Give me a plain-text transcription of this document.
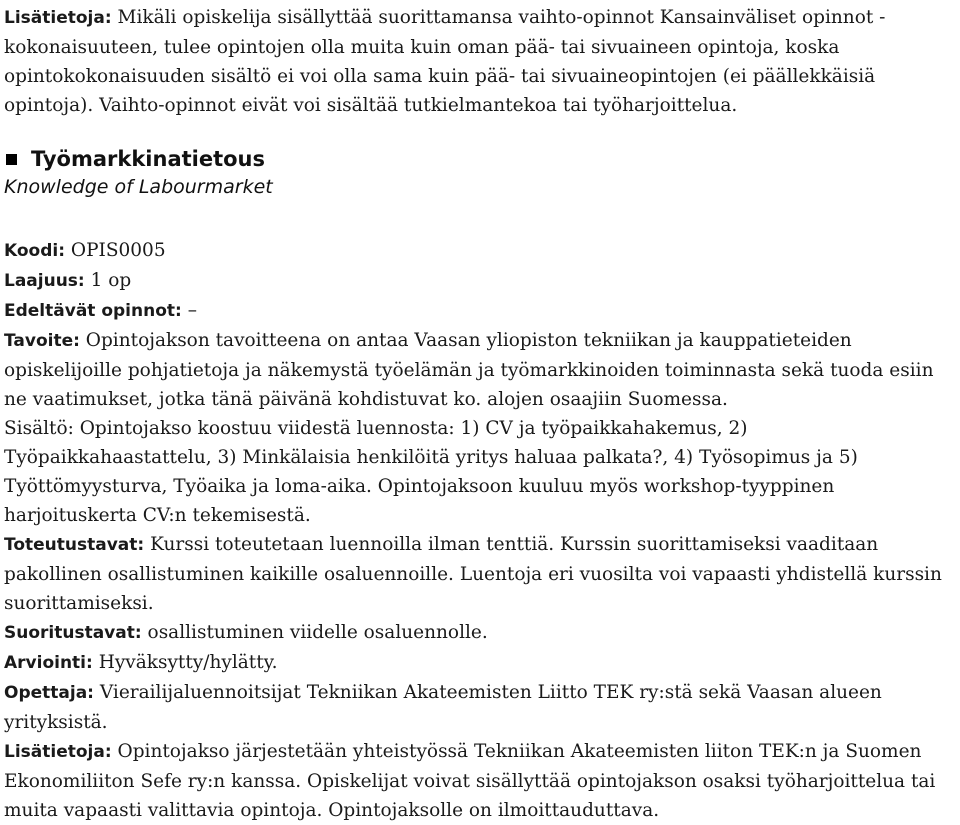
Lisätietoja: Mikäli opiskelija sisällyttää suorittamansa vaihto-opinnot Kansainväliset opinnot -kokonaisuuteen, tulee opintojen olla muita kuin oman pää- tai sivuaineen opintoja, koska opintokokonaisuuden sisältö ei voi olla sama kuin pää- tai sivuaineopintojen (ei päällekkäisiä opintoja). Vaihto-opinnot eivät voi sisältää tutkielmantekoa tai työharjoittelua.

Työmarkkinatietous
Knowledge of Labourmarket

Koodi: OPIS0005

Laajuus: 1 op

Edeltävät opinnot: –

Tavoite: Opintojakson tavoitteena on antaa Vaasan yliopiston tekniikan ja kauppatieteiden opiskelijoille pohjatietoja ja näkemystä työelämän ja työmarkkinoiden toiminnasta sekä tuoda esiin ne vaatimukset, jotka tänä päivänä kohdistuvat ko. alojen osaajiin Suomessa.

Sisältö: Opintojakso koostuu viidestä luennosta: 1) CV ja työpaikkahakemus, 2) Työpaikkahaastattelu, 3) Minkälaisia henkilöitä yritys haluaa palkata?, 4) Työsopimus ja 5) Työttömyysturva, Työaika ja loma-aika. Opintojaksoon kuuluu myös workshop-tyyppinen harjoituskerta CV:n tekemisestä.

Toteutustavat: Kurssi toteutetaan luennoilla ilman tenttiä. Kurssin suorittamiseksi vaaditaan pakollinen osallistuminen kaikille osaluennoille. Luentoja eri vuosilta voi vapaasti yhdistellä kurssin suorittamiseksi.

Suoritustavat: osallistuminen viidelle osaluennolle.

Arviointi: Hyväksytty/hylätty.

Opettaja: Vierailijaluennoitsijat Tekniikan Akateemisten Liitto TEK ry:stä sekä Vaasan alueen yrityksistä.

Lisätietoja: Opintojakso järjestetään yhteistyössä Tekniikan Akateemisten liiton TEK:n ja Suomen Ekonomiliiton Sefe ry:n kanssa. Opiskelijat voivat sisällyttää opintojakson osaksi työharjoittelua tai muita vapaasti valittavia opintoja. Opintojaksolle on ilmoittauduttava.
